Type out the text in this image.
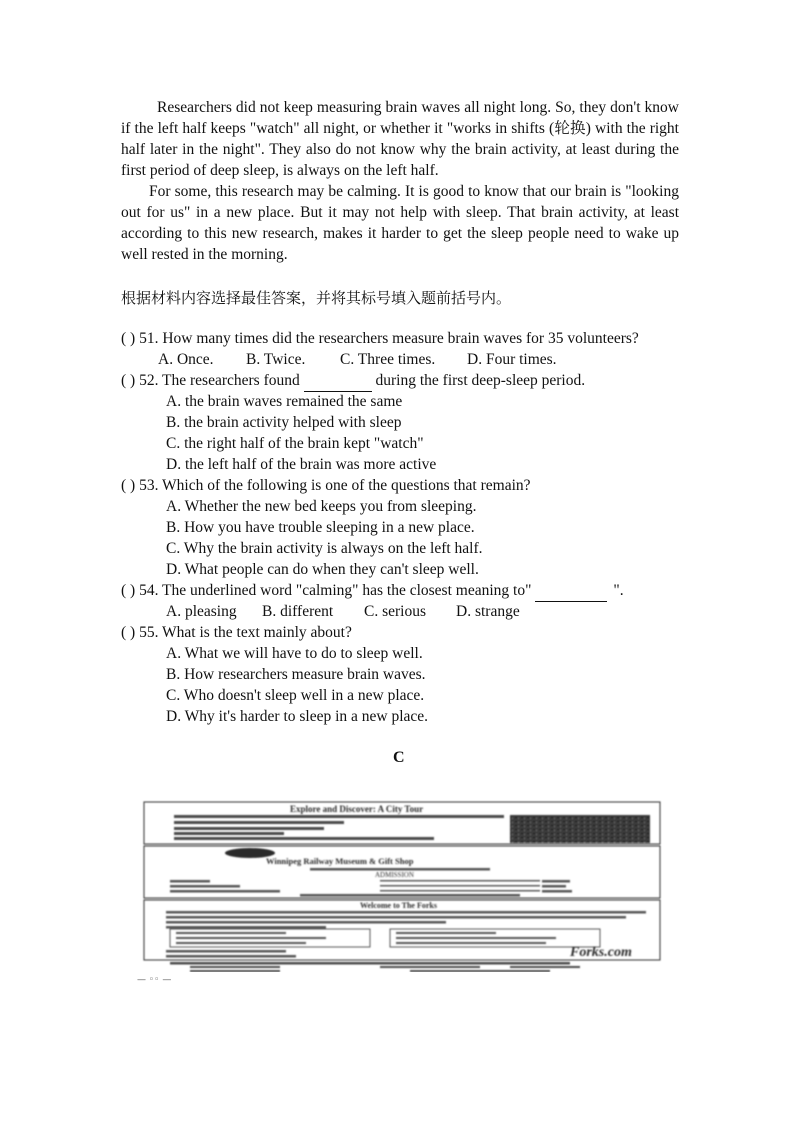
Researchers did not keep measuring brain waves all night long. So, they don't know if the left half keeps "watch" all night, or whether it "works in shifts (轮换) with the right half later in the night". They also do not know why the brain activity, at least during the first period of deep sleep, is always on the left half.

For some, this research may be calming. It is good to know that our brain is "looking out for us" in a new place. But it may not help with sleep. That brain activity, at least according to this new research, makes it harder to get the sleep people need to wake up well rested in the morning.

根据材料内容选择最佳答案，并将其标号填入题前括号内。
( ) 51. How many times did the researchers measure brain waves for 35 volunteers?
A. Once. B. Twice. C. Three times. D. Four times.
( ) 52. The researchers found	during the first deep-sleep period.
A. the brain waves remained the same
B. the brain activity helped with sleep
C. the right half of the brain kept "watch"
D. the left half of the brain was more active
( ) 53. Which of the following is one of the questions that remain?
A. Whether the new bed keeps you from sleeping.
B. How you have trouble sleeping in a new place.
C. Why the brain activity is always on the left half.
D. What people can do when they can't sleep well.
( ) 54. The underlined word "calming" has the closest meaning to"	".
A. pleasing B. different C. serious D. strange
( ) 55. What is the text mainly about?
A. What we will have to do to sleep well.
B. How researchers measure brain waves.
C. Who doesn't sleep well in a new place.
D. Why it's harder to sleep in a new place.
C
Explore and Discover: A City Tour
Winnipeg Railway Museum & Gift Shop
ADMISSION
Welcome to The Forks
Forks.com
— ◦◦ —
